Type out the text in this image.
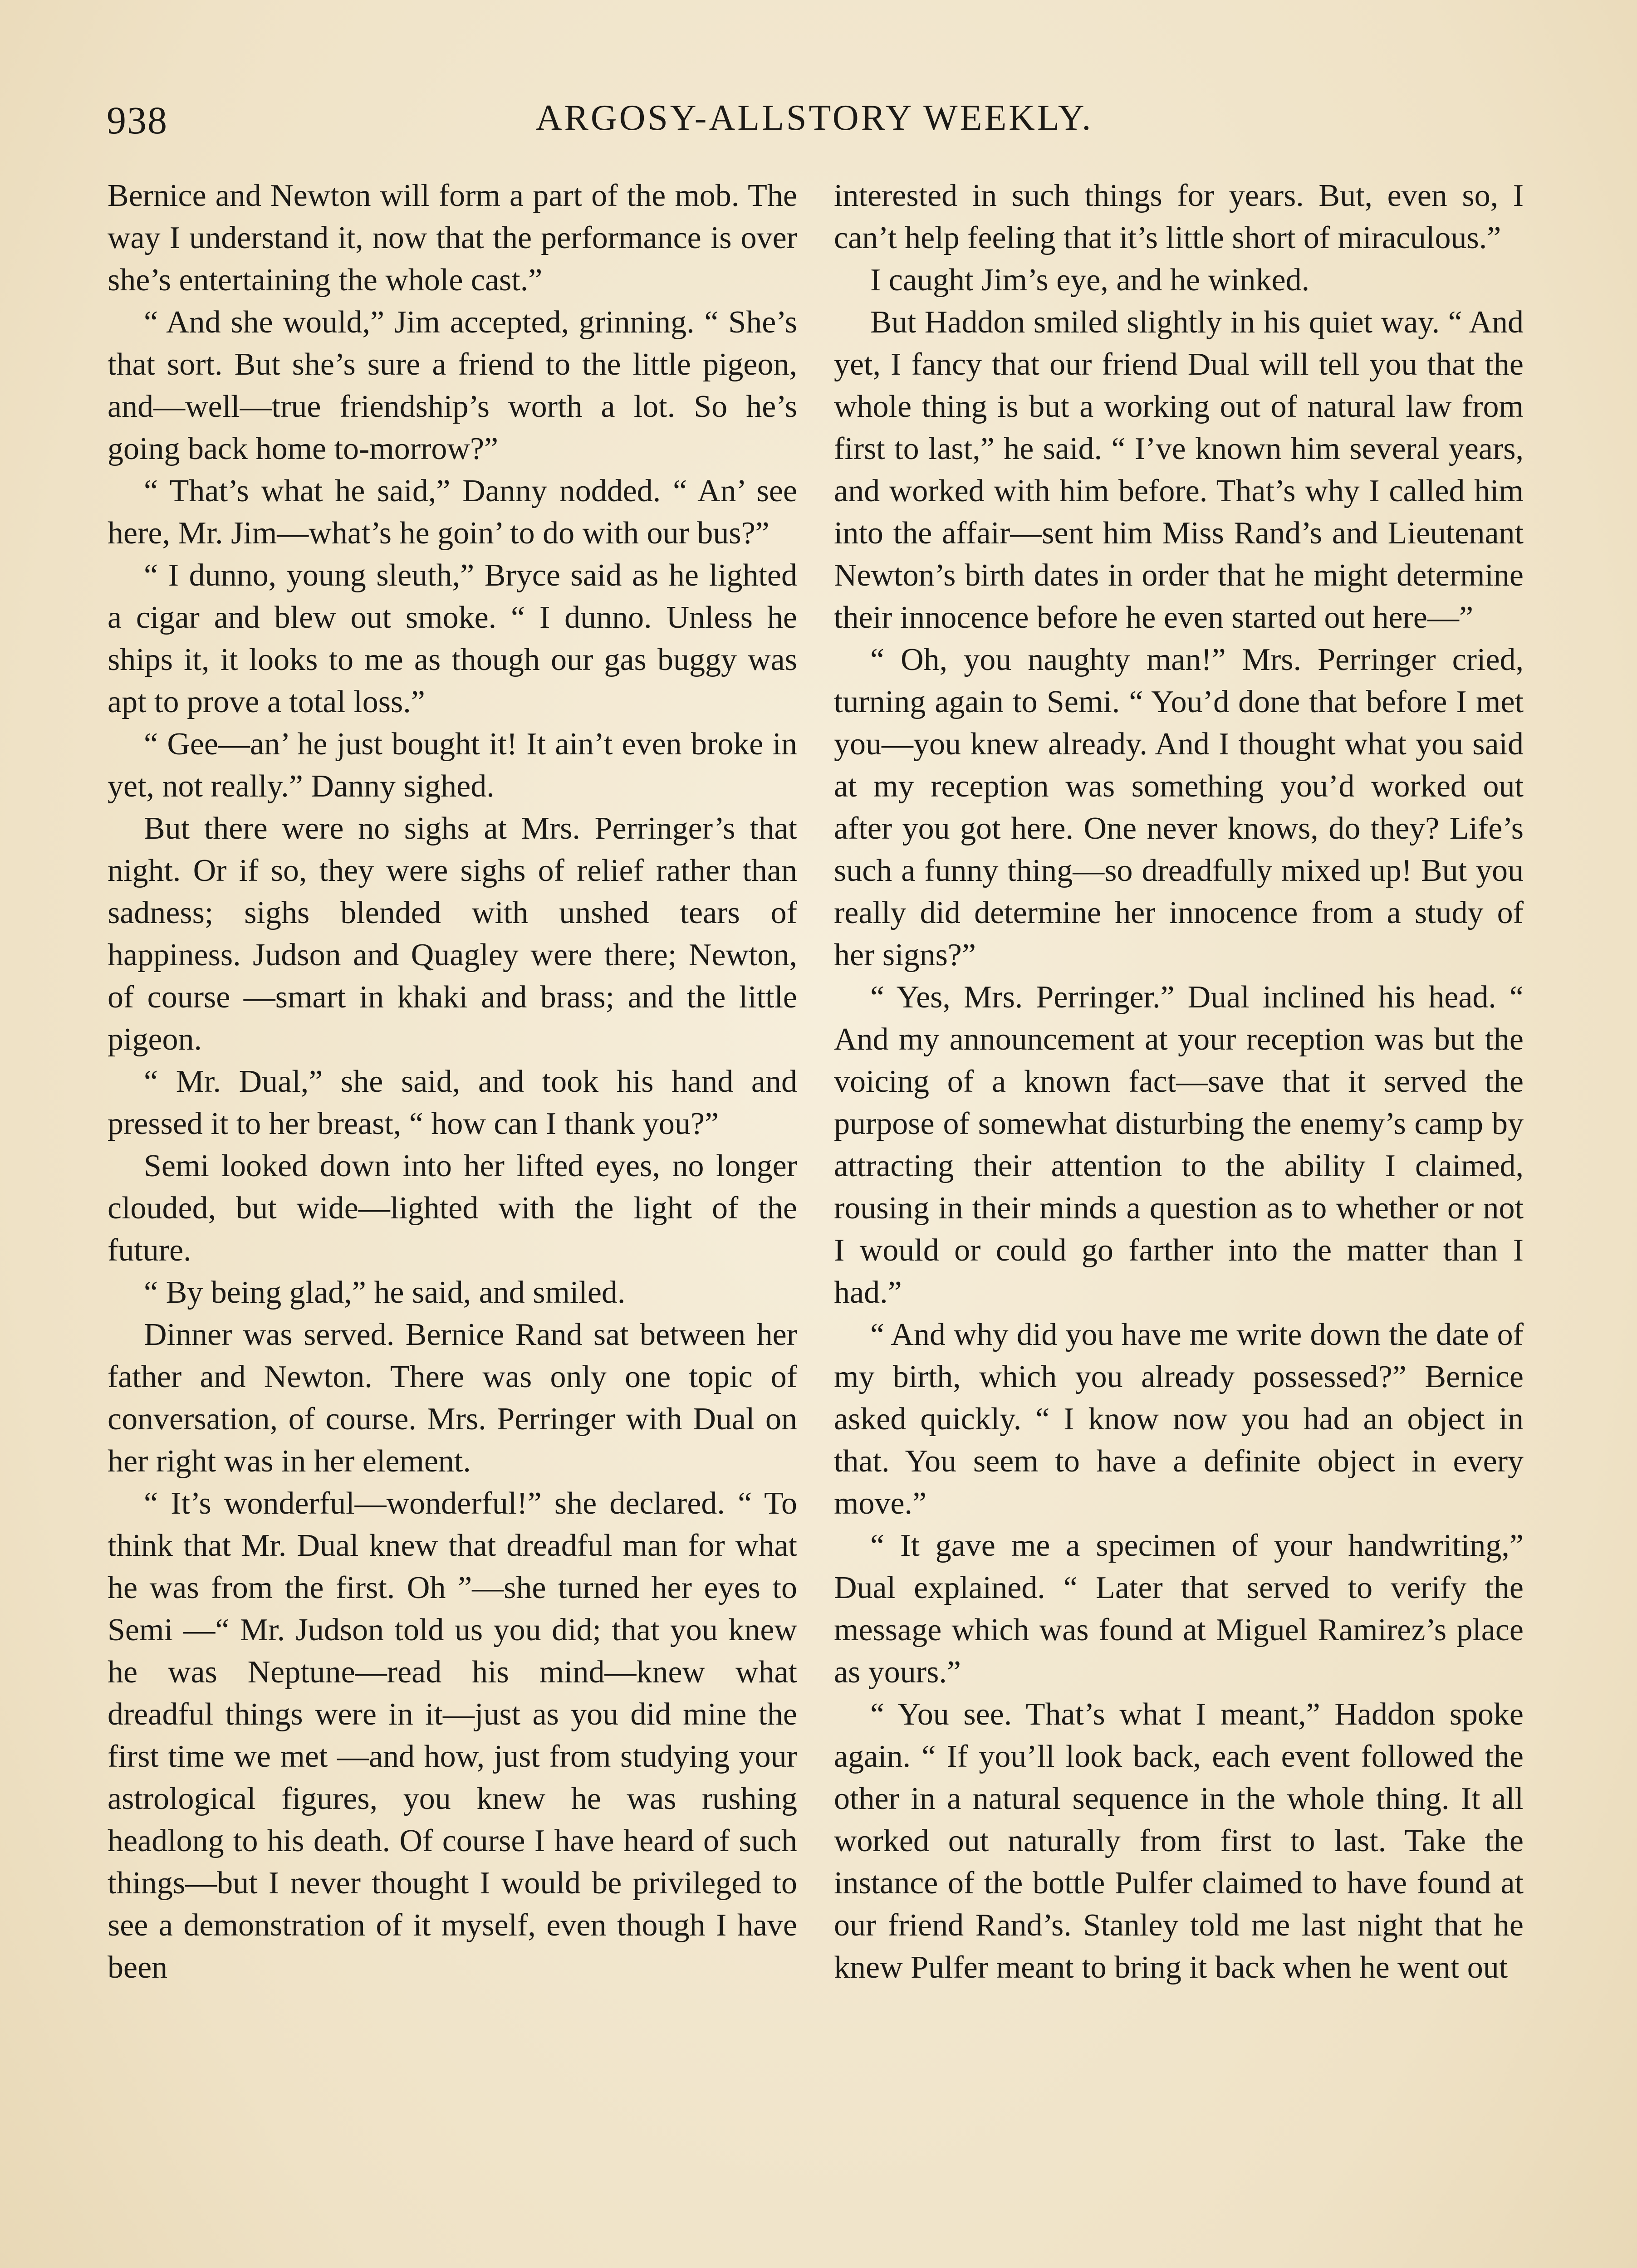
938	ARGOSY-ALLSTORY WEEKLY.

Bernice and Newton will form a part of the mob. The way I understand it, now that the performance is over she’s entertaining the whole cast.”

“ And she would,” Jim accepted, grinning. “ She’s that sort. But she’s sure a friend to the little pigeon, and—well—true friendship’s worth a lot. So he’s going back home to-morrow?”

“ That’s what he said,” Danny nodded. “ An’ see here, Mr. Jim—what’s he goin’ to do with our bus?”

“ I dunno, young sleuth,” Bryce said as he lighted a cigar and blew out smoke. “ I dunno. Unless he ships it, it looks to me as though our gas buggy was apt to prove a total loss.”

“ Gee—an’ he just bought it! It ain’t even broke in yet, not really.” Danny sighed.

But there were no sighs at Mrs. Perringer’s that night. Or if so, they were sighs of relief rather than sadness; sighs blended with unshed tears of happiness. Judson and Quagley were there; Newton, of course —smart in khaki and brass; and the little pigeon.

“ Mr. Dual,” she said, and took his hand and pressed it to her breast, “ how can I thank you?”

Semi looked down into her lifted eyes, no longer clouded, but wide—lighted with the light of the future.

“ By being glad,” he said, and smiled.

Dinner was served. Bernice Rand sat between her father and Newton. There was only one topic of conversation, of course. Mrs. Perringer with Dual on her right was in her element.

“ It’s wonderful—wonderful!” she declared. “ To think that Mr. Dual knew that dreadful man for what he was from the first. Oh ”—she turned her eyes to Semi —“ Mr. Judson told us you did; that you knew he was Neptune—read his mind—knew what dreadful things were in it—just as you did mine the first time we met —and how, just from studying your astrological figures, you knew he was rushing headlong to his death. Of course I have heard of such things—but I never thought I would be privileged to see a demonstration of it myself, even though I have been

interested in such things for years. But, even so, I can’t help feeling that it’s little short of miraculous.”

I caught Jim’s eye, and he winked.

But Haddon smiled slightly in his quiet way. “ And yet, I fancy that our friend Dual will tell you that the whole thing is but a working out of natural law from first to last,” he said. “ I’ve known him several years, and worked with him before. That’s why I called him into the affair—sent him Miss Rand’s and Lieutenant Newton’s birth dates in order that he might determine their innocence before he even started out here—”

“ Oh, you naughty man!” Mrs. Perringer cried, turning again to Semi. “ You’d done that before I met you—you knew already. And I thought what you said at my reception was something you’d worked out after you got here. One never knows, do they? Life’s such a funny thing—so dreadfully mixed up! But you really did determine her innocence from a study of her signs?”

“ Yes, Mrs. Perringer.” Dual inclined his head. “ And my announcement at your reception was but the voicing of a known fact—save that it served the purpose of somewhat disturbing the enemy’s camp by attracting their attention to the ability I claimed, rousing in their minds a question as to whether or not I would or could go farther into the matter than I had.”

“ And why did you have me write down the date of my birth, which you already possessed?” Bernice asked quickly. “ I know now you had an object in that. You seem to have a definite object in every move.”

“ It gave me a specimen of your handwriting,” Dual explained. “ Later that served to verify the message which was found at Miguel Ramirez’s place as yours.”

“ You see. That’s what I meant,” Haddon spoke again. “ If you’ll look back, each event followed the other in a natural sequence in the whole thing. It all worked out naturally from first to last. Take the instance of the bottle Pulfer claimed to have found at our friend Rand’s. Stanley told me last night that he knew Pulfer meant to bring it back when he went out
